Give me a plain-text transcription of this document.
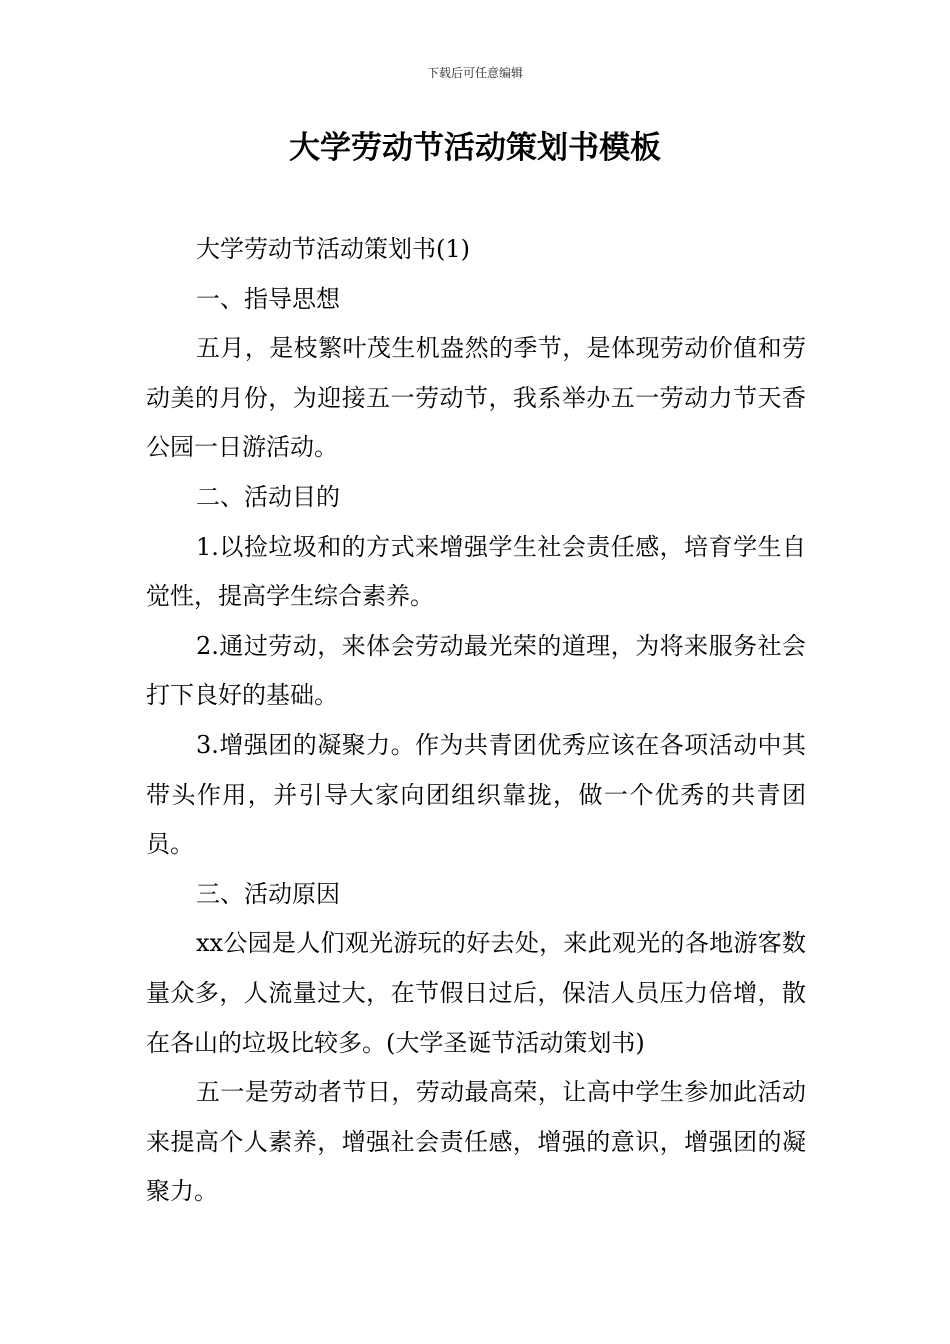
下载后可任意编辑
大学劳动节活动策划书模板

大学劳动节活动策划书(1)

一、指导思想

五月，是枝繁叶茂生机盎然的季节，是体现劳动价值和劳动美的月份，为迎接五一劳动节，我系举办五一劳动力节天香公园一日游活动。

二、活动目的

1.以捡垃圾和的方式来增强学生社会责任感，培育学生自觉性，提高学生综合素养。

2.通过劳动，来体会劳动最光荣的道理，为将来服务社会打下良好的基础。

3.增强团的凝聚力。作为共青团优秀应该在各项活动中其带头作用，并引导大家向团组织靠拢，做一个优秀的共青团员。

三、活动原因

xx公园是人们观光游玩的好去处，来此观光的各地游客数量众多，人流量过大，在节假日过后，保洁人员压力倍增，散在各山的垃圾比较多。(大学圣诞节活动策划书)

五一是劳动者节日，劳动最高荣，让高中学生参加此活动来提高个人素养，增强社会责任感，增强的意识，增强团的凝聚力。
